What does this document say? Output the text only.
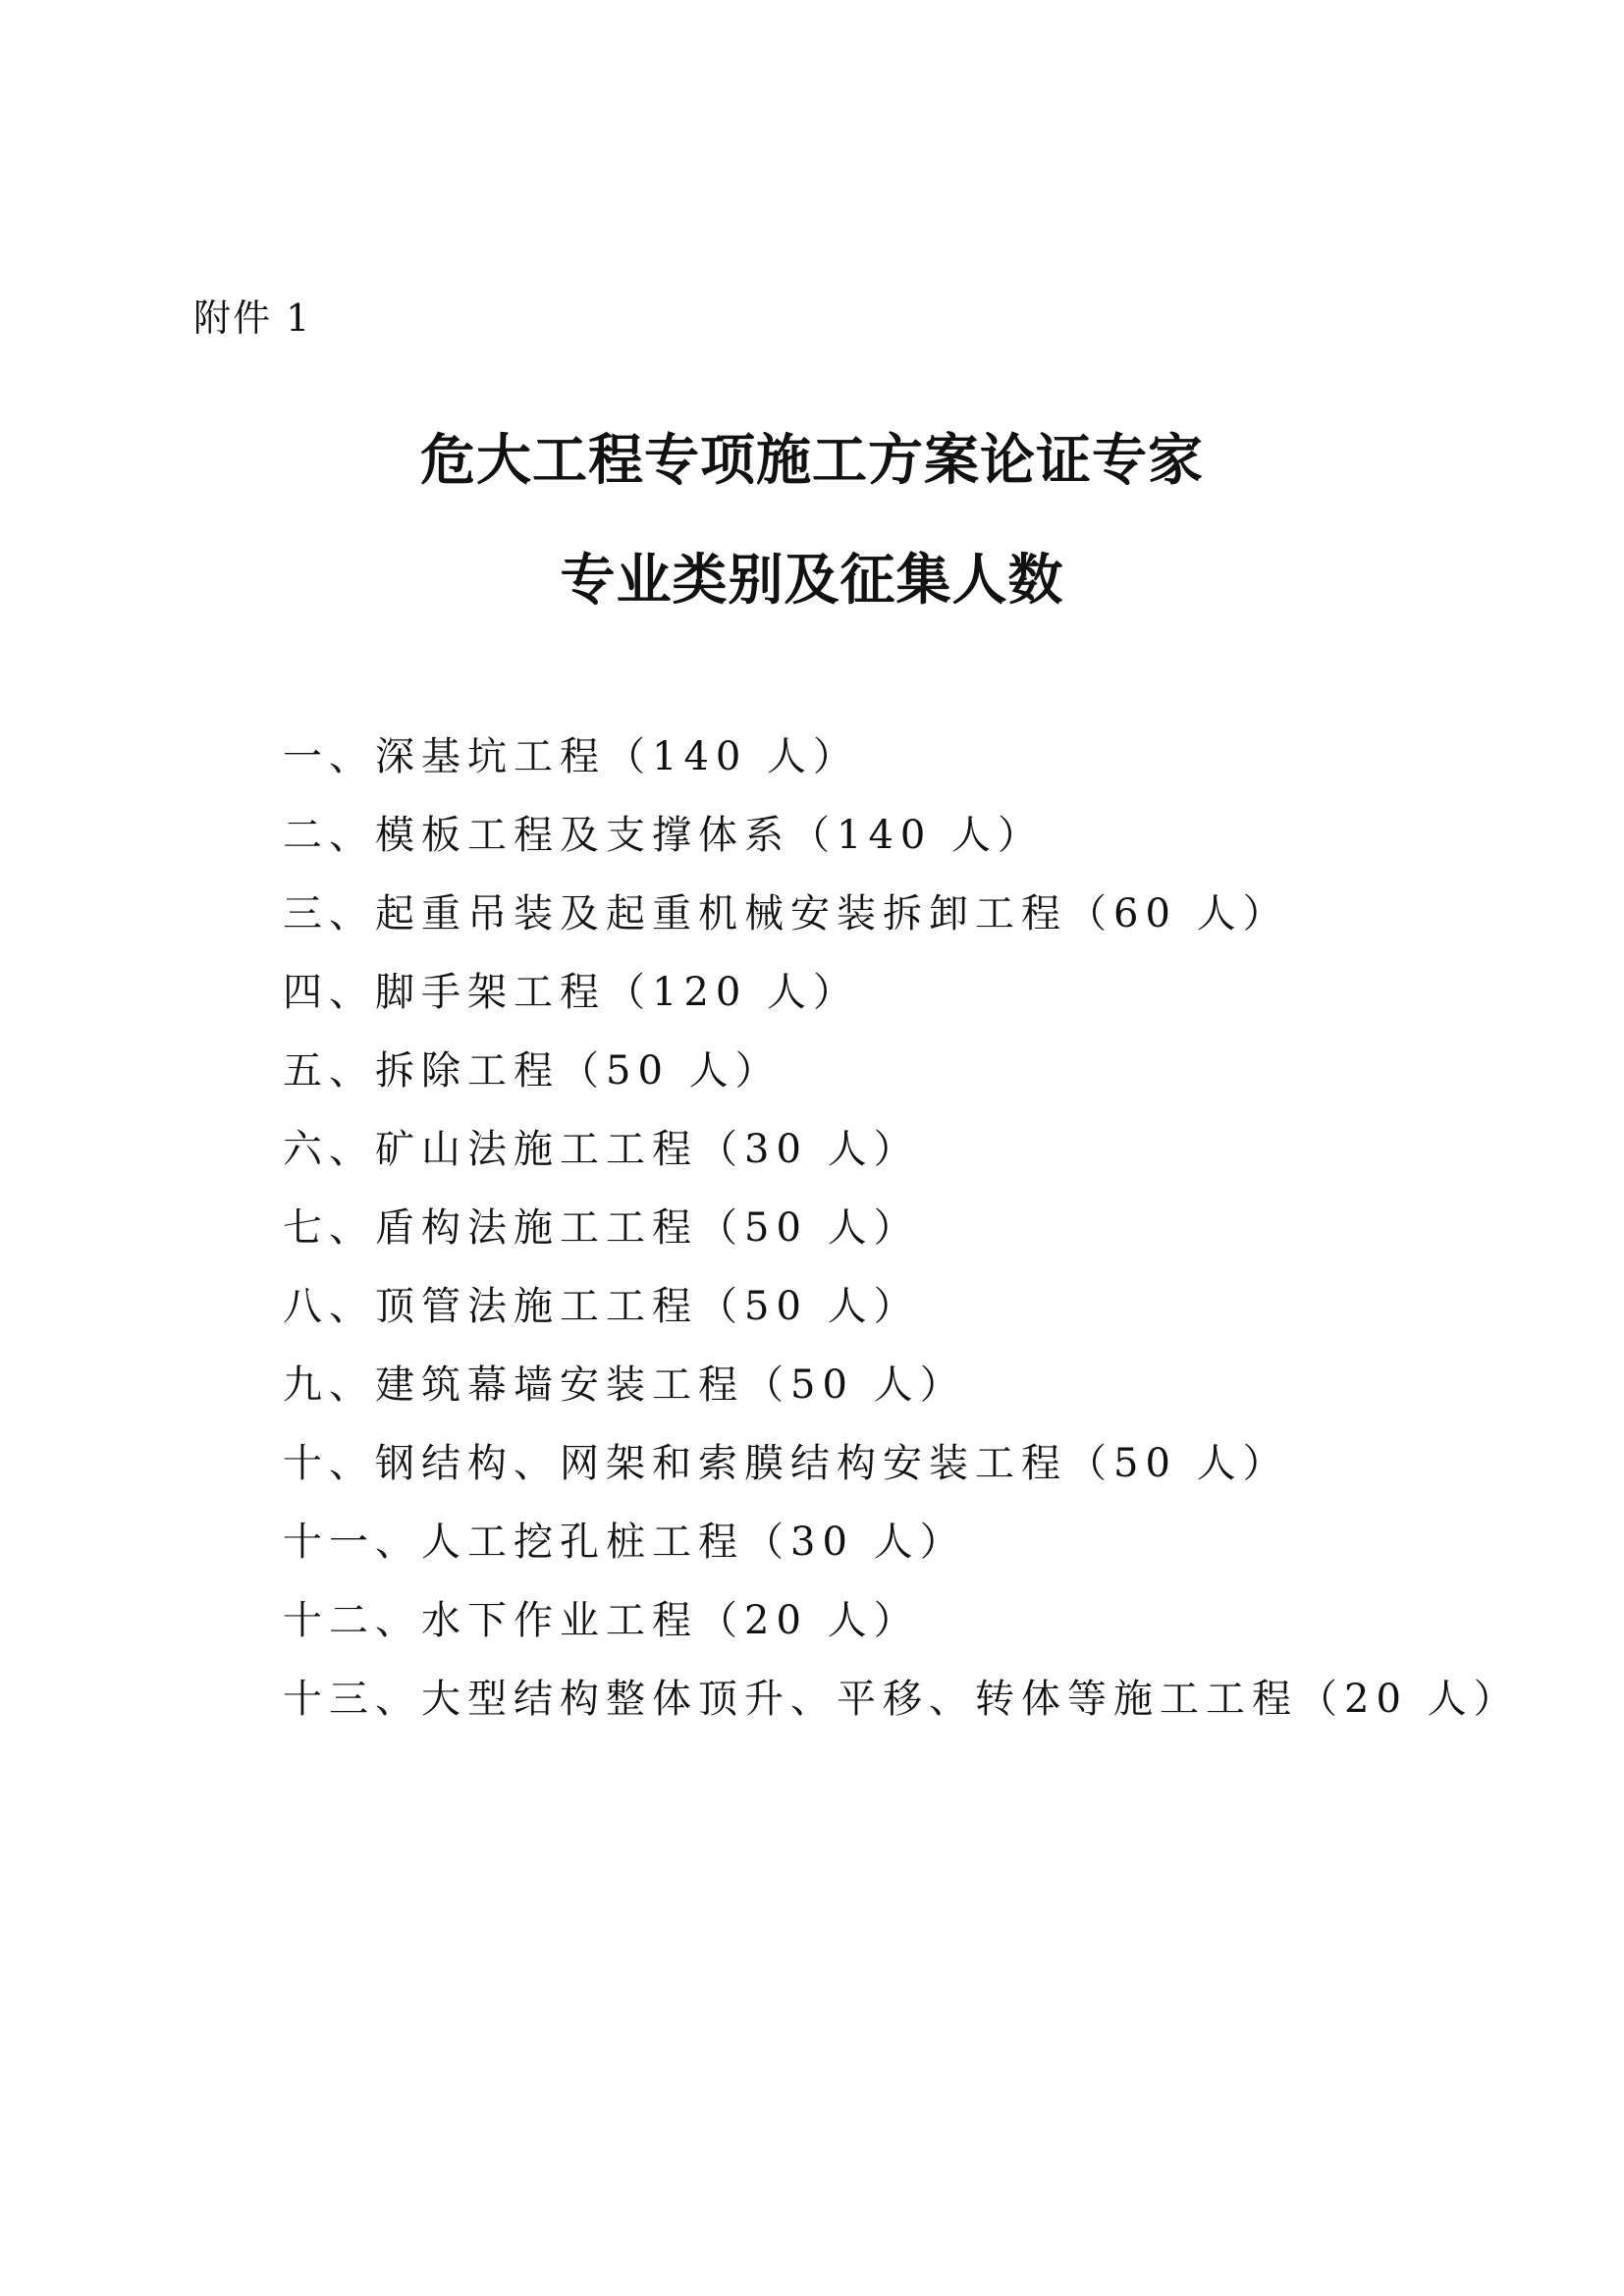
附件 1
危大工程专项施工方案论证专家
专业类别及征集人数
一、深基坑工程（140 人）
二、模板工程及支撑体系（140 人）
三、起重吊装及起重机械安装拆卸工程（60 人）
四、脚手架工程（120 人）
五、拆除工程（50 人）
六、矿山法施工工程（30 人）
七、盾构法施工工程（50 人）
八、顶管法施工工程（50 人）
九、建筑幕墙安装工程（50 人）
十、钢结构、网架和索膜结构安装工程（50 人）
十一、人工挖孔桩工程（30 人）
十二、水下作业工程（20 人）
十三、大型结构整体顶升、平移、转体等施工工程（20 人）
